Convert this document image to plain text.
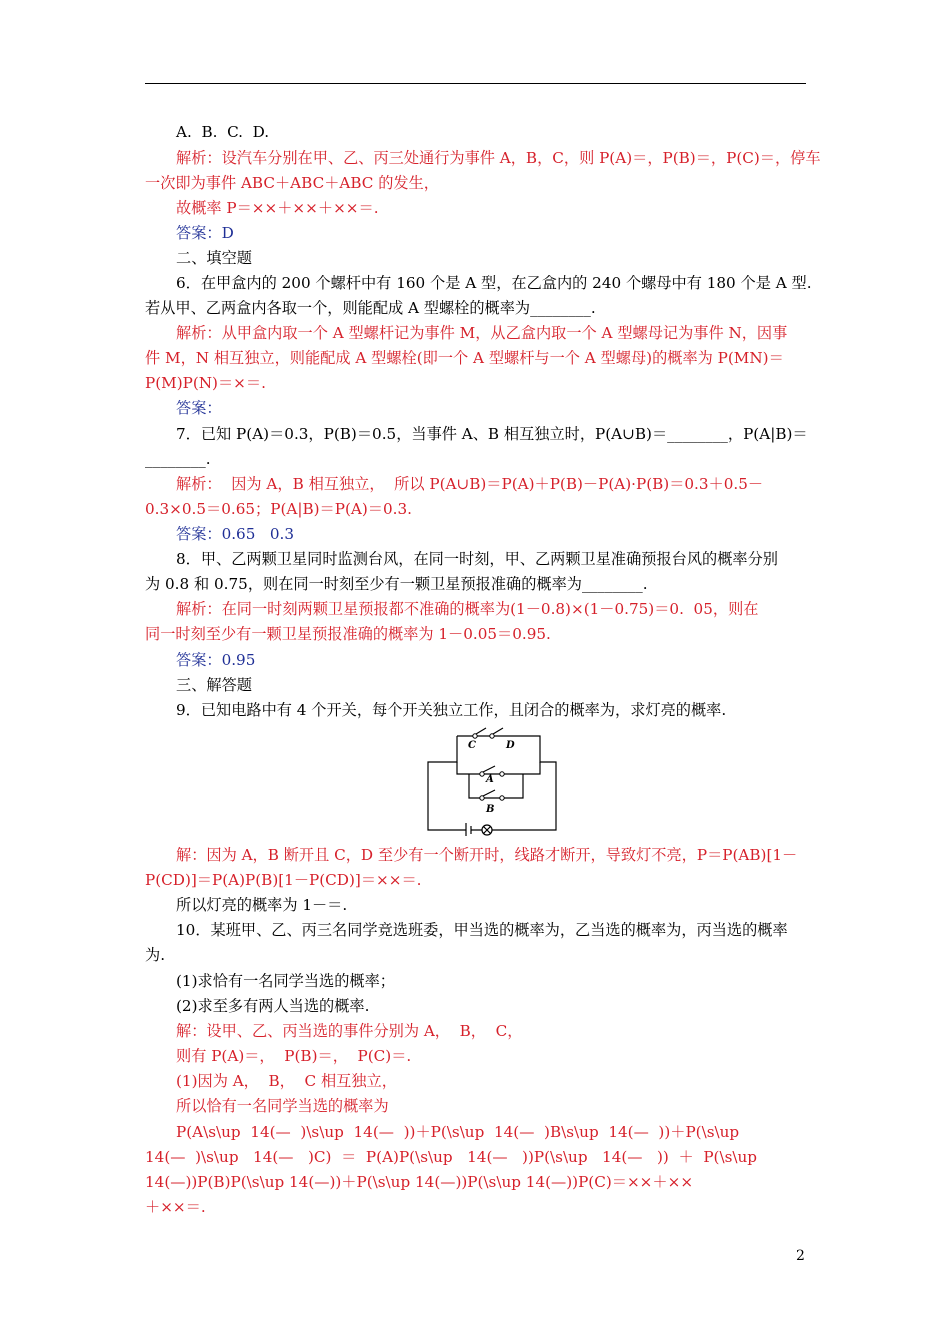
A.  B.  C.  D.
解析：设汽车分别在甲、乙、丙三处通行为事件 A，B，C，则 P(A)＝，P(B)＝，P(C)＝，停车
一次即为事件 ABC＋ABC＋ABC 的发生，
故概率 P＝××＋××＋××＝.
答案：D
二、填空题
6．在甲盒内的 200 个螺杆中有 160 个是 A 型，在乙盒内的 240 个螺母中有 180 个是 A 型.
若从甲、乙两盒内各取一个，则能配成 A 型螺栓的概率为________.
解析：从甲盒内取一个 A 型螺杆记为事件 M，从乙盒内取一个 A 型螺母记为事件 N，因事
件 M，N 相互独立，则能配成 A 型螺栓(即一个 A 型螺杆与一个 A 型螺母)的概率为 P(MN)＝
P(M)P(N)＝×＝.
答案：
7．已知 P(A)＝0.3，P(B)＝0.5，当事件 A、B 相互独立时，P(A∪B)＝________，P(A|B)＝
________.
解析：  因为 A，B 相互独立，  所以 P(A∪B)＝P(A)＋P(B)－P(A)·P(B)＝0.3＋0.5－
0.3×0.5＝0.65；P(A|B)＝P(A)＝0.3.
答案：0.65   0.3
8．甲、乙两颗卫星同时监测台风，在同一时刻，甲、乙两颗卫星准确预报台风的概率分别
为 0.8 和 0.75，则在同一时刻至少有一颗卫星预报准确的概率为________.
解析：在同一时刻两颗卫星预报都不准确的概率为(1－0.8)×(1－0.75)＝0.  05，则在
同一时刻至少有一颗卫星预报准确的概率为 1－0.05＝0.95.
答案：0.95
三、解答题
9．已知电路中有 4 个开关，每个开关独立工作，且闭合的概率为，求灯亮的概率.
解：因为 A，B 断开且 C，D 至少有一个断开时，线路才断开，导致灯不亮，P＝P(AB)[1－
P(CD)]＝P(A)P(B)[1－P(CD)]＝××＝.
所以灯亮的概率为 1－＝.
10．某班甲、乙、丙三名同学竞选班委，甲当选的概率为，乙当选的概率为，丙当选的概率
为.
(1)求恰有一名同学当选的概率；
(2)求至多有两人当选的概率.
解：设甲、乙、丙当选的事件分别为 A，  B，  C，
则有 P(A)＝，  P(B)＝，  P(C)＝.
(1)因为 A，  B，  C 相互独立，
所以恰有一名同学当选的概率为
P(A\s\up  14(—  )\s\up  14(—  ))＋P(\s\up  14(—  )B\s\up  14(—  ))＋P(\s\up
14(—  )\s\up   14(—   )C)  ＝  P(A)P(\s\up   14(—   ))P(\s\up   14(—   ))  ＋  P(\s\up
14(—))P(B)P(\s\up 14(—))＋P(\s\up 14(—))P(\s\up 14(—))P(C)＝××＋××
＋××＝.
C	D
A
B
2
